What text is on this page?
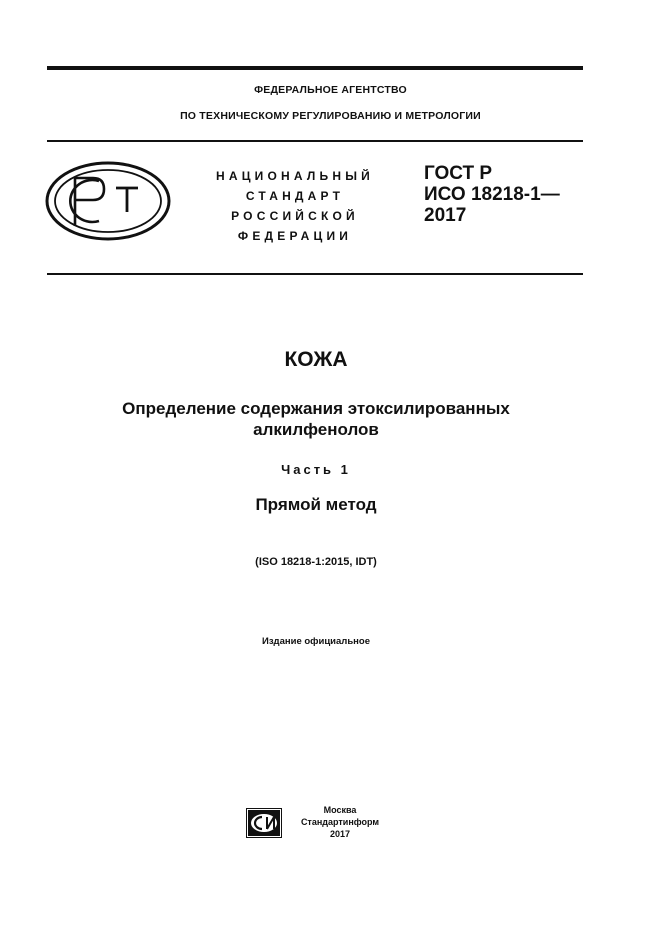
ФЕДЕРАЛЬНОЕ АГЕНТСТВО
ПО ТЕХНИЧЕСКОМУ РЕГУЛИРОВАНИЮ И МЕТРОЛОГИИ
НАЦИОНАЛЬНЫЙ
СТАНДАРТ
РОССИЙСКОЙ
ФЕДЕРАЦИИ
ГОСТ Р
ИСО 18218-1—
2017
КОЖА
Определение содержания этоксилированных
алкилфенолов
Часть 1
Прямой метод
(ISO 18218-1:2015, IDT)
Издание официальное
Москва
Стандартинформ
2017
